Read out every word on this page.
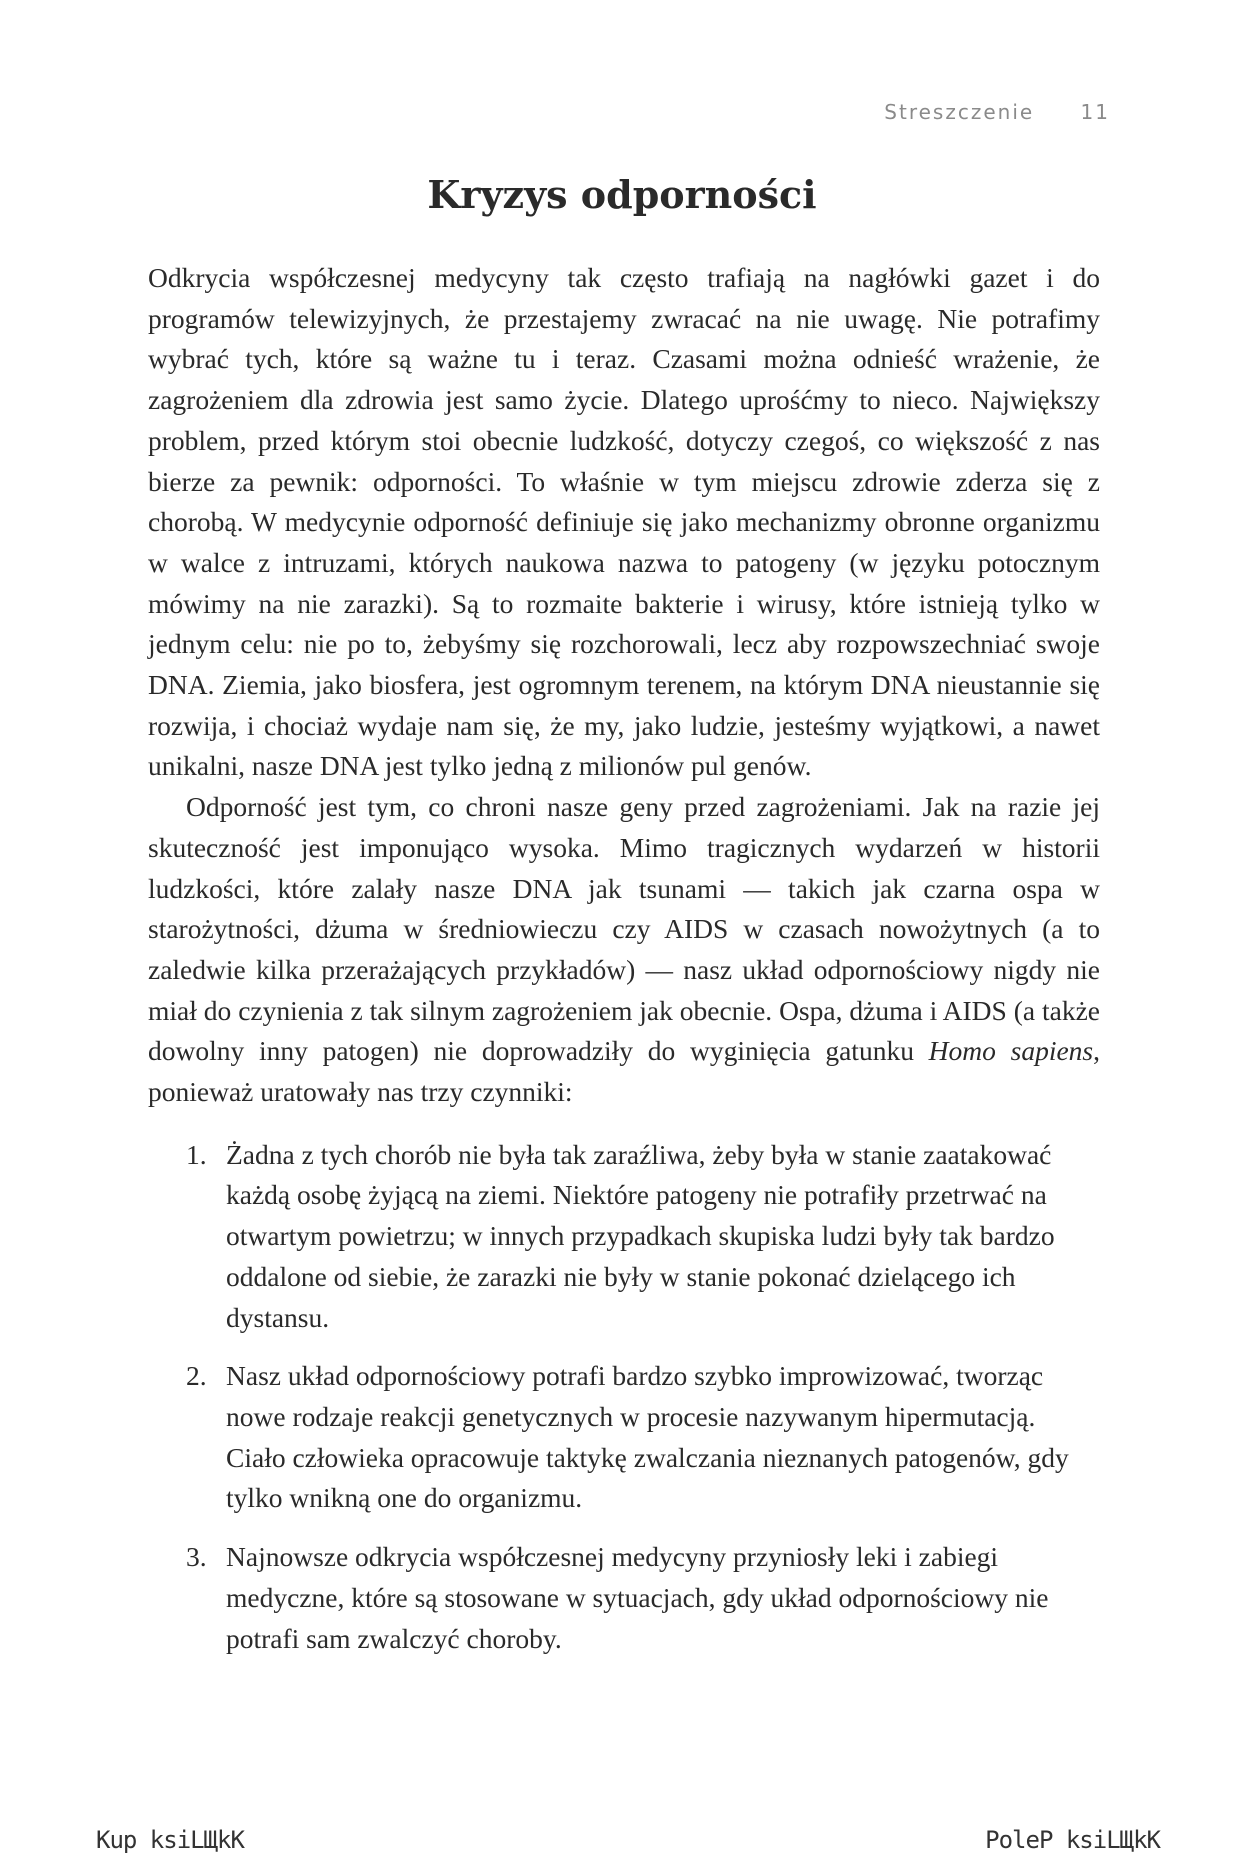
Streszczenie 11
Kryzys odporności

Odkrycia współczesnej medycyny tak często trafiają na nagłówki gazet i do programów telewizyjnych, że przestajemy zwracać na nie uwagę. Nie potrafimy wybrać tych, które są ważne tu i teraz. Czasami można odnieść wrażenie, że zagrożeniem dla zdrowia jest samo życie. Dlatego uprośćmy to nieco. Największy problem, przed którym stoi obecnie ludzkość, dotyczy czegoś, co większość z nas bierze za pewnik: odporności. To właśnie w tym miejscu zdrowie zderza się z chorobą. W medycynie odporność definiuje się jako mechanizmy obronne organizmu w walce z intruzami, których naukowa nazwa to patogeny (w języku potocznym mówimy na nie zarazki). Są to rozmaite bakterie i wirusy, które istnieją tylko w jednym celu: nie po to, żebyśmy się rozchorowali, lecz aby rozpowszechniać swoje DNA. Ziemia, jako biosfera, jest ogromnym terenem, na którym DNA nieustannie się rozwija, i chociaż wydaje nam się, że my, jako ludzie, jesteśmy wyjątkowi, a nawet unikalni, nasze DNA jest tylko jedną z milionów pul genów.

Odporność jest tym, co chroni nasze geny przed zagrożeniami. Jak na razie jej skuteczność jest imponująco wysoka. Mimo tragicznych wydarzeń w historii ludzkości, które zalały nasze DNA jak tsunami — takich jak czarna ospa w starożytności, dżuma w średniowieczu czy AIDS w czasach nowożytnych (a to zaledwie kilka przerażających przykładów) — nasz układ odpornościowy nigdy nie miał do czynienia z tak silnym zagrożeniem jak obecnie. Ospa, dżuma i AIDS (a także dowolny inny patogen) nie doprowadziły do wyginięcia gatunku Homo sapiens, ponieważ uratowały nas trzy czynniki:

1. Żadna z tych chorób nie była tak zaraźliwa, żeby była w stanie zaatakować każdą osobę żyjącą na ziemi. Niektóre patogeny nie potrafiły przetrwać na otwartym powietrzu; w innych przypadkach skupiska ludzi były tak bardzo oddalone od siebie, że zarazki nie były w stanie pokonać dzielącego ich dystansu.
2. Nasz układ odpornościowy potrafi bardzo szybko improwizować, tworząc nowe rodzaje reakcji genetycznych w procesie nazywanym hipermutacją. Ciało człowieka opracowuje taktykę zwalczania nieznanych patogenów, gdy tylko wnikną one do organizmu.
3. Najnowsze odkrycia współczesnej medycyny przyniosły leki i zabiegi medyczne, które są stosowane w sytuacjach, gdy układ odpornościowy nie potrafi sam zwalczyć choroby.
Kup ksiLЩkK	PoleP ksiLЩkK
